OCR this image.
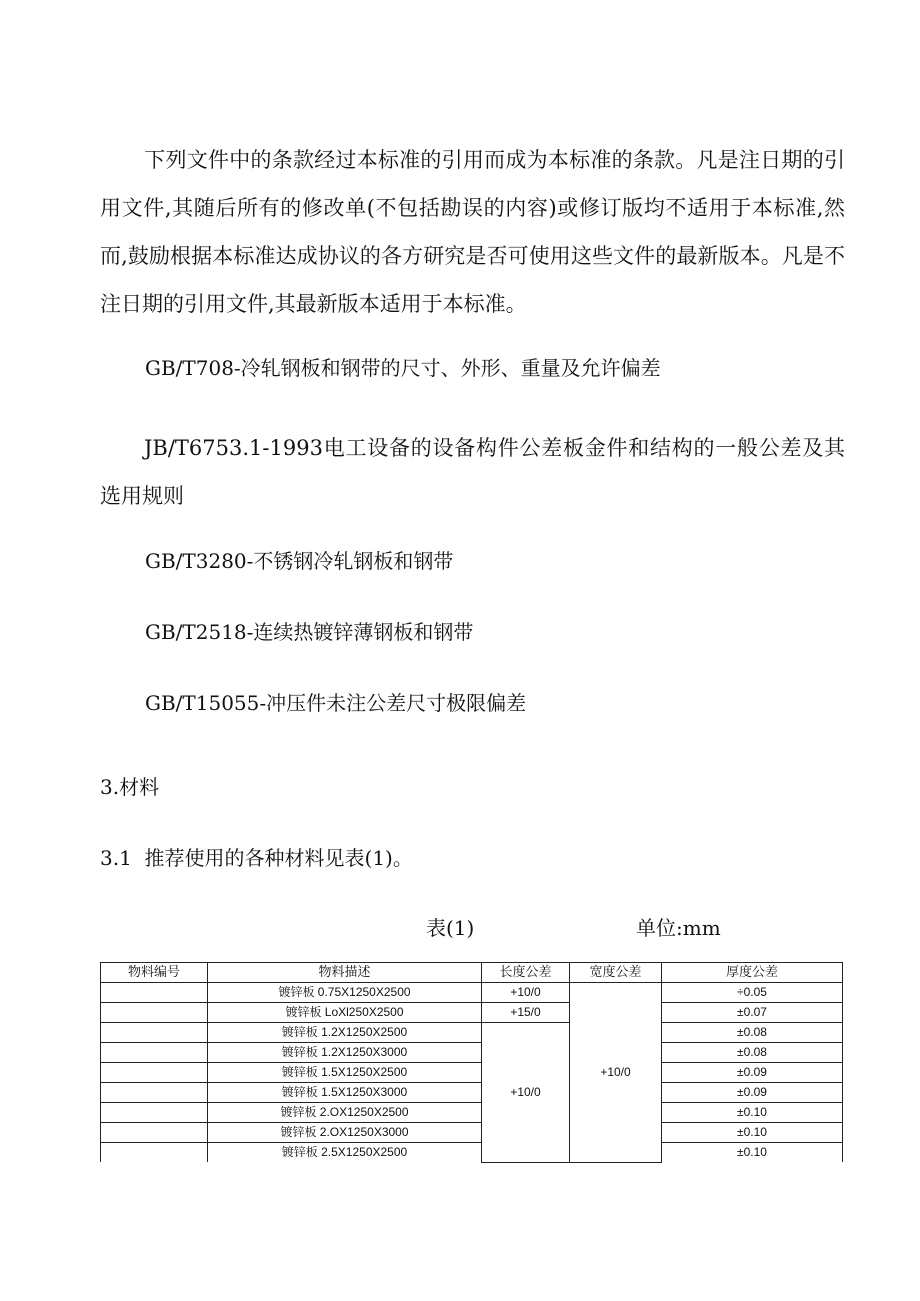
下列文件中的条款经过本标准的引用而成为本标准的条款。凡是注日期的引用文件,其随后所有的修改单(不包括勘误的内容)或修订版均不适用于本标准,然而,鼓励根据本标准达成协议的各方研究是否可使用这些文件的最新版本。凡是不注日期的引用文件,其最新版本适用于本标准。
GB/T708-冷轧钢板和钢带的尺寸、外形、重量及允许偏差
JB/T6753.1-1993电工设备的设备构件公差板金件和结构的一般公差及其选用规则
GB/T3280-不锈钢冷轧钢板和钢带
GB/T2518-连续热镀锌薄钢板和钢带
GB/T15055-冲压件未注公差尺寸极限偏差
3.材料
3.1  推荐使用的各种材料见表(1)。
表(1)	单位:mm
物料编号	物料描述	长度公差	宽度公差	厚度公差
	镀锌板 0.75X1250X2500	+10/0	+10/0	÷0.05
	镀锌板 LoXl250X2500	+15/0		±0.07
	镀锌板 1.2X1250X2500	+10/0		±0.08
	镀锌板 1.2X1250X3000			±0.08
	镀锌板 1.5X1250X2500			±0.09
	镀锌板 1.5X1250X3000			±0.09
	镀锌板 2.OX1250X2500			±0.10
	镀锌板 2.OX1250X3000			±0.10
	镀锌板 2.5X1250X2500			±0.10
